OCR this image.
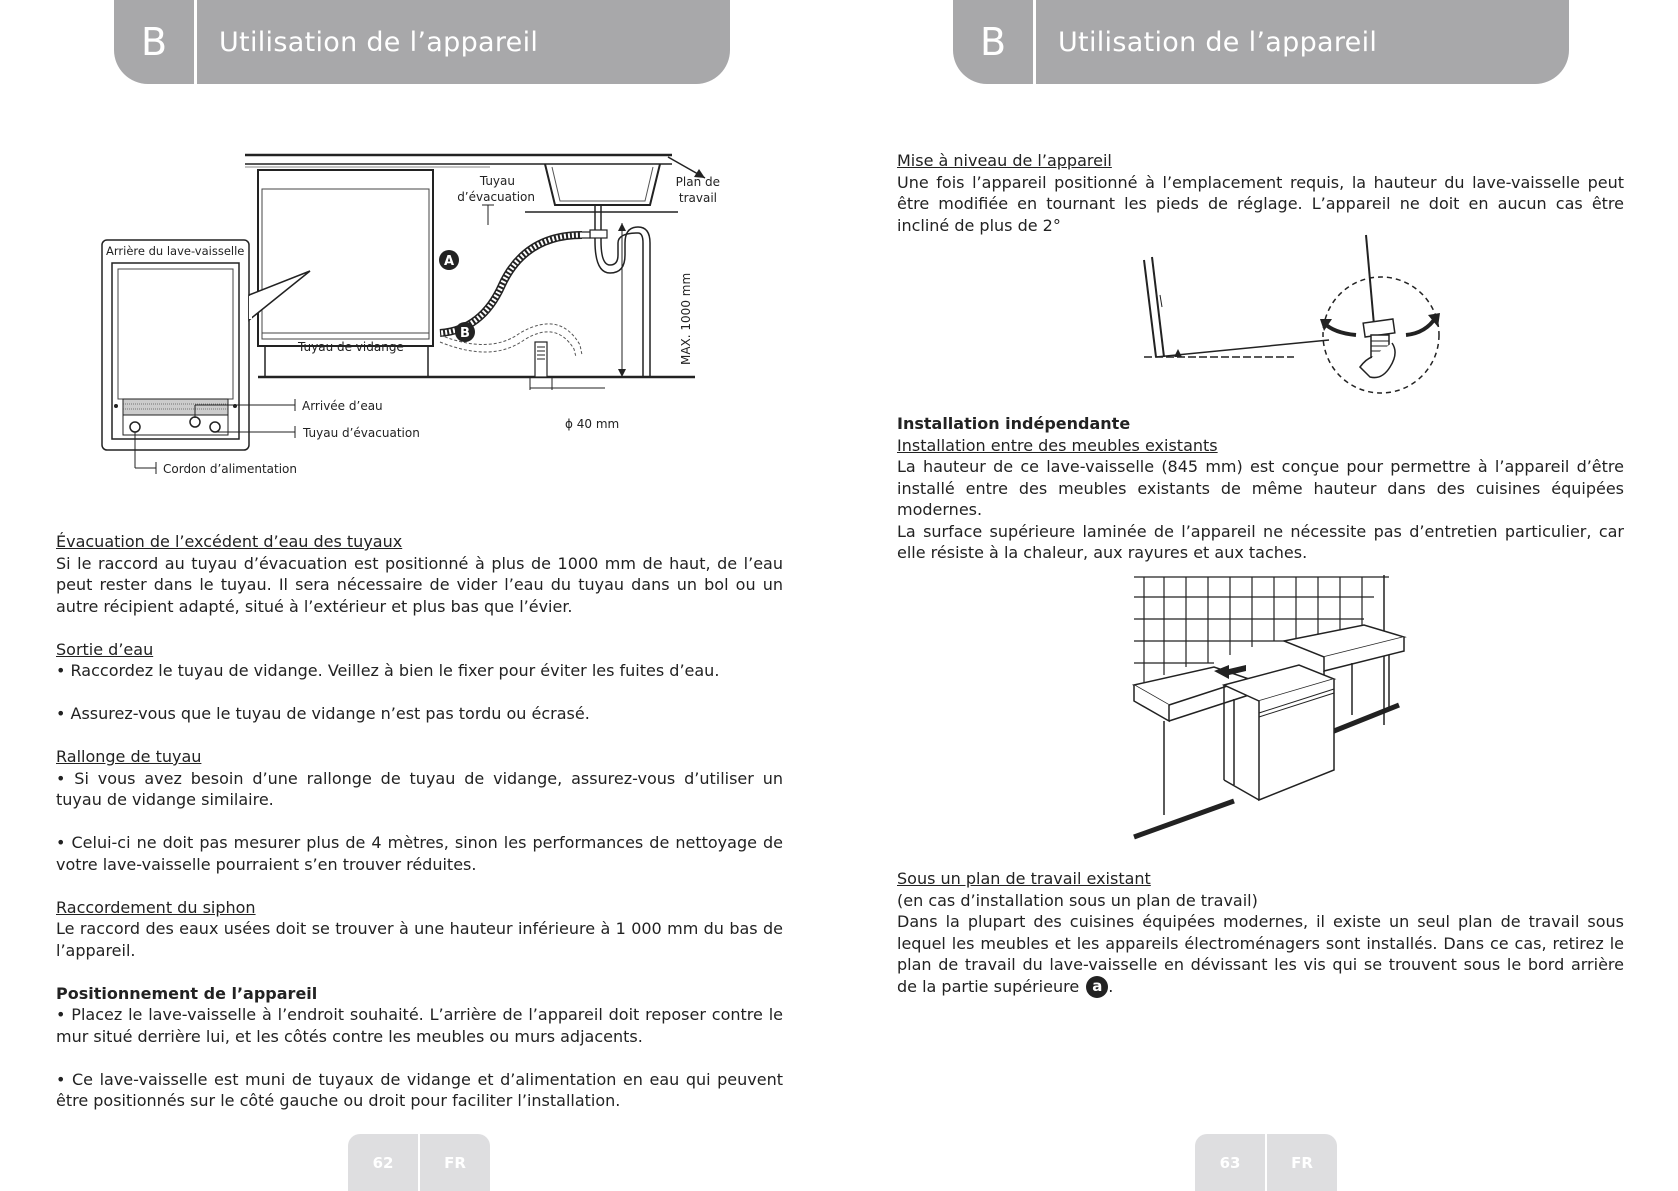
B	Utilisation de l’appareil
A
B
Arrière du lave-vaisselle
Tuyau
d’évacuation
Plan de
travail
MAX. 1000 mm
Tuyau de vidange
Arrivée d’eau
Tuyau d’évacuation
Cordon d’alimentation
ɸ 40 mm

Évacuation de l’excédent d’eau des tuyaux

Si le raccord au tuyau d’évacuation est positionné à plus de 1000 mm de haut, de l’eau peut rester dans le tuyau. Il sera nécessaire de vider l’eau du tuyau dans un bol ou un autre récipient adapté, situé à l’extérieur et plus bas que l’évier.

Sortie d’eau

• Raccordez le tuyau de vidange. Veillez à bien le fixer pour éviter les fuites d’eau.

• Assurez-vous que le tuyau de vidange n’est pas tordu ou écrasé.

Rallonge de tuyau

• Si vous avez besoin d’une rallonge de tuyau de vidange, assurez-vous d’utiliser un tuyau de vidange similaire.

• Celui-ci ne doit pas mesurer plus de 4 mètres, sinon les performances de nettoyage de votre lave-vaisselle pourraient s’en trouver réduites.

Raccordement du siphon

Le raccord des eaux usées doit se trouver à une hauteur inférieure à 1 000 mm du bas de l’appareil.

Positionnement de l’appareil

• Placez le lave-vaisselle à l’endroit souhaité. L’arrière de l’appareil doit reposer contre le mur situé derrière lui, et les côtés contre les meubles ou murs adjacents.

• Ce lave-vaisselle est muni de tuyaux de vidange et d’alimentation en eau qui peuvent être positionnés sur le côté gauche ou droit pour faciliter l’installation.

62	FR
B	Utilisation de l’appareil

Mise à niveau de l’appareil

Une fois l’appareil positionné à l’emplacement requis, la hauteur du lave-vaisselle peut être modifiée en tournant les pieds de réglage. L’appareil ne doit en aucun cas être incliné de plus de 2°

Installation indépendante

Installation entre des meubles existants

La hauteur de ce lave-vaisselle (845 mm) est conçue pour permettre à l’appareil d’être installé entre des meubles existants de même hauteur dans des cuisines équipées modernes.

La surface supérieure laminée de l’appareil ne nécessite pas d’entretien particulier, car elle résiste à la chaleur, aux rayures et aux taches.

Sous un plan de travail existant

(en cas d’installation sous un plan de travail)

Dans la plupart des cuisines équipées modernes, il existe un seul plan de travail sous lequel les meubles et les appareils électroménagers sont installés. Dans ce cas, retirez le plan de travail du lave-vaisselle en dévissant les vis qui se trouvent sous le bord arrière de la partie supérieure a .

63	FR
